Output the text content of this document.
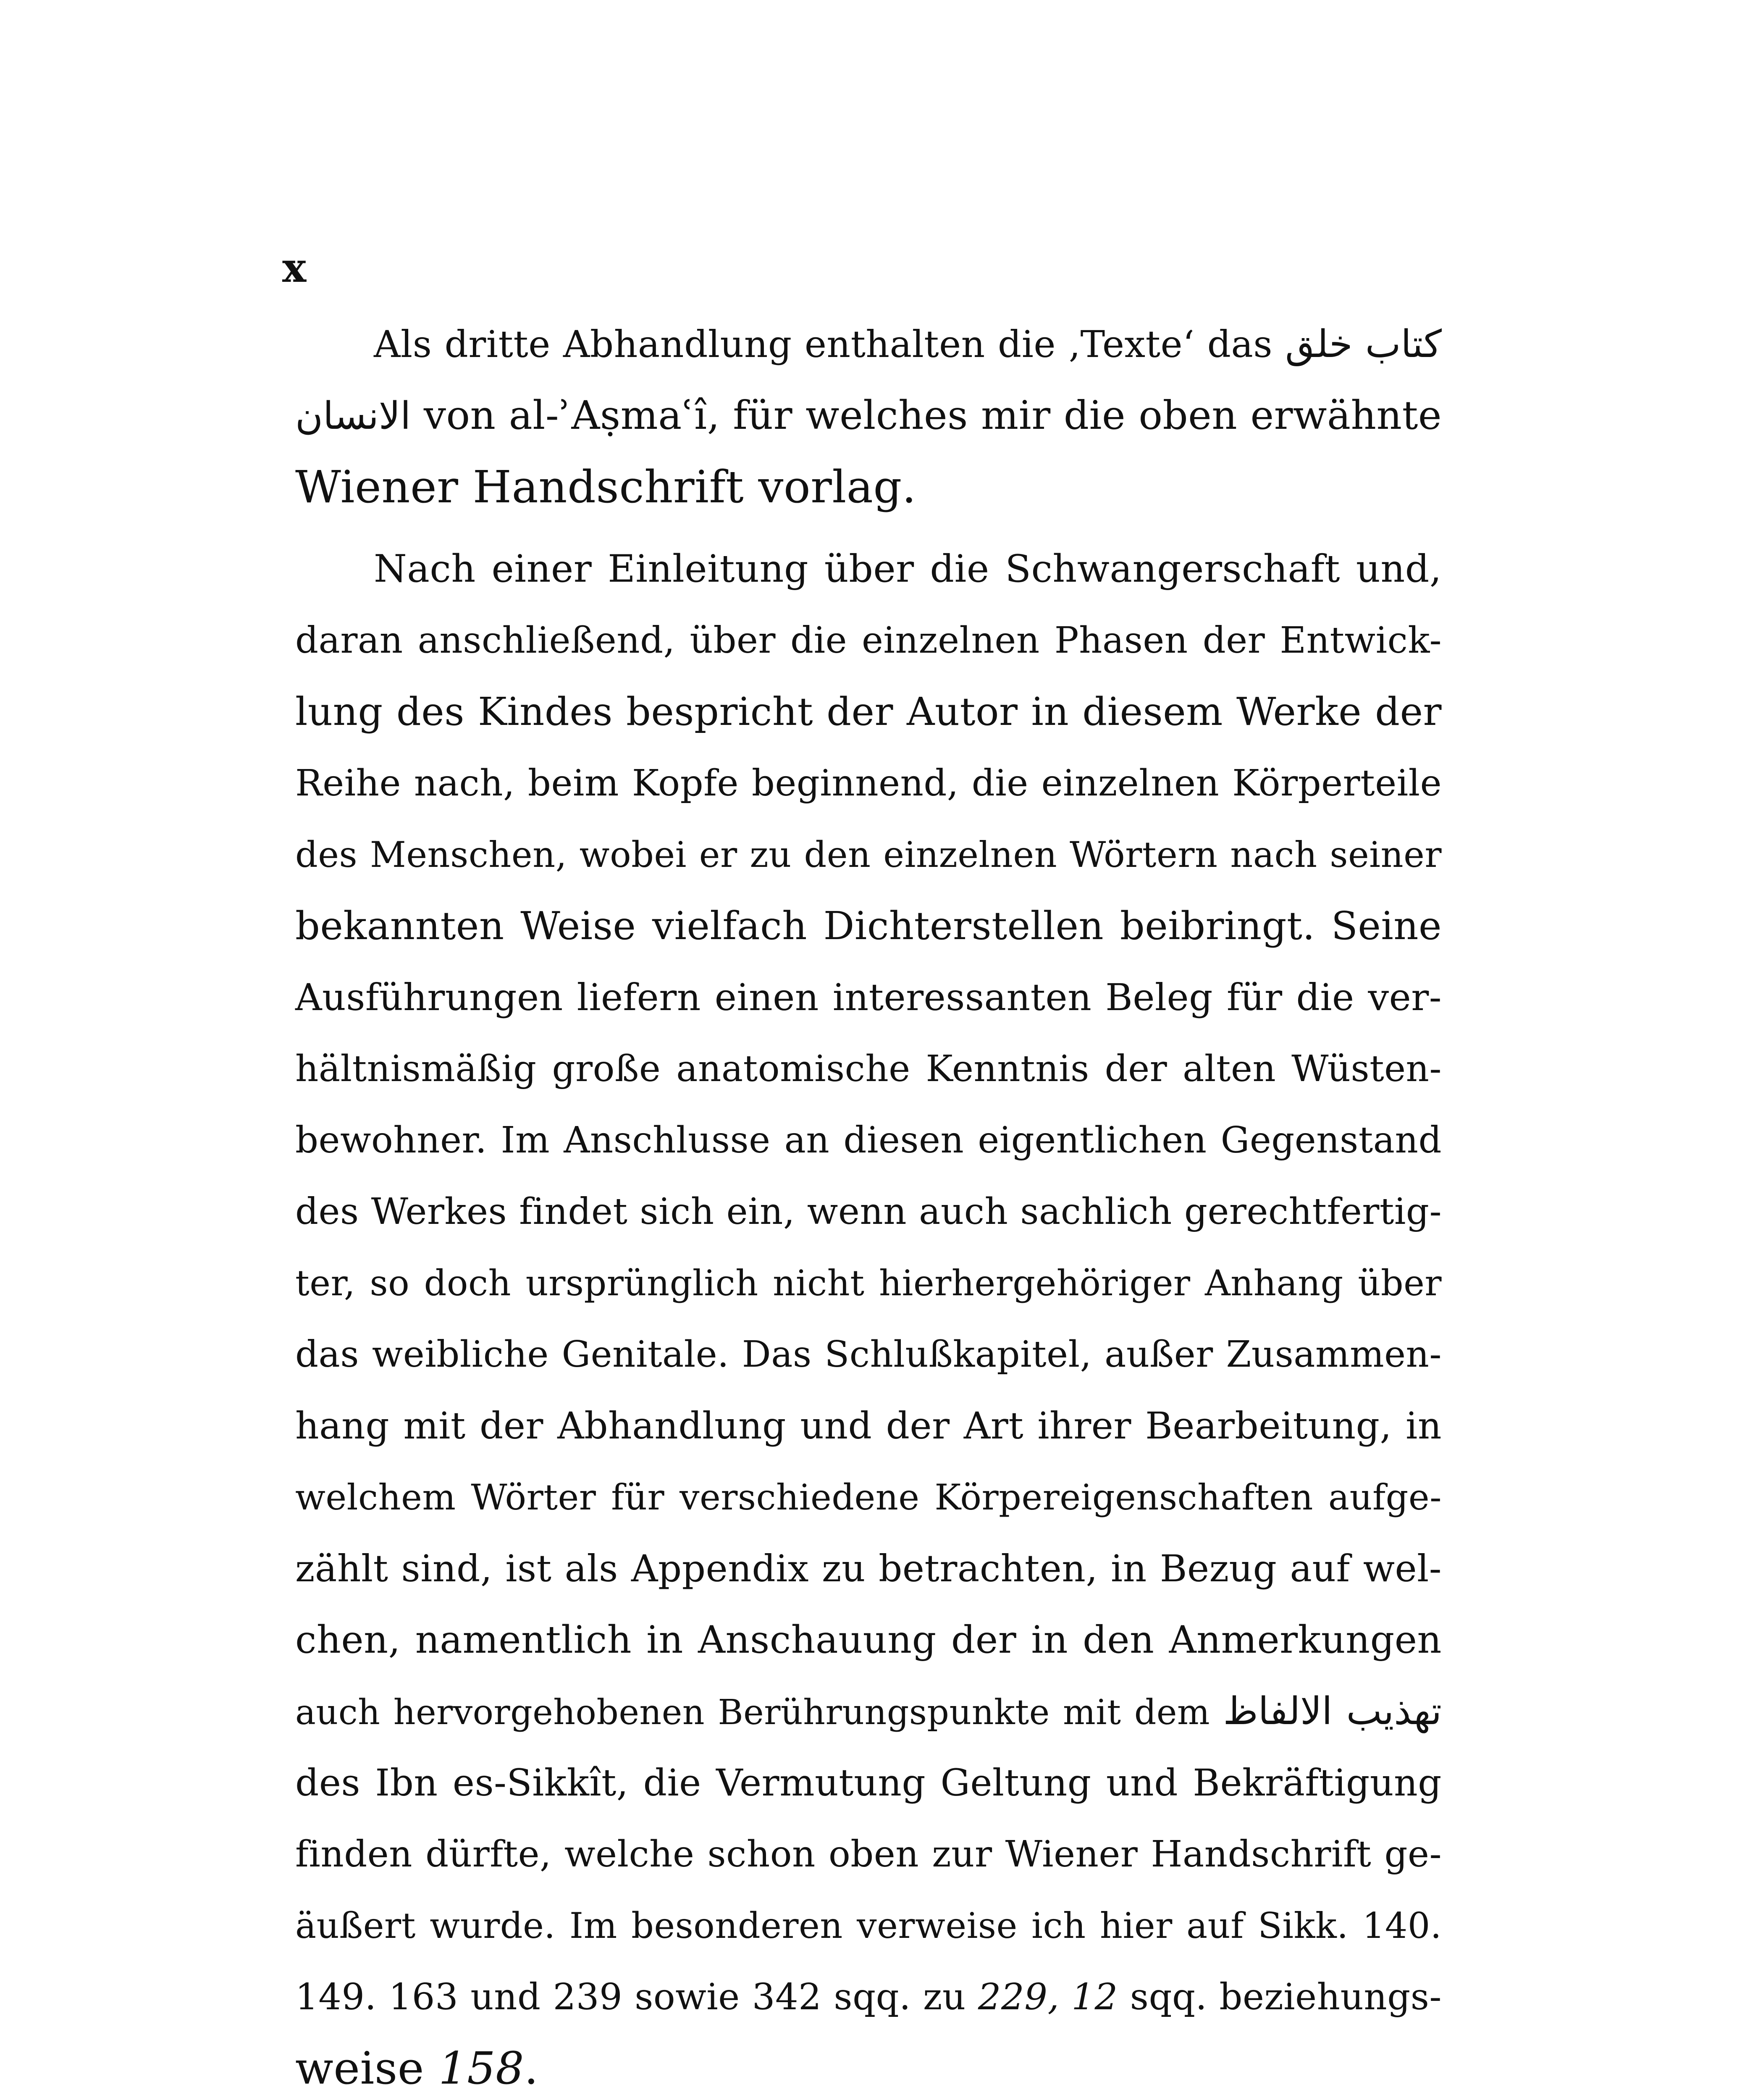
x
Als dritte Abhandlung enthalten die ‚Texte‘ das كتاب خلق
الانسان von al-ʾAṣmaʿî, für welches mir die oben erwähnte
Wiener Handschrift vorlag.
Nach einer Einleitung über die Schwangerschaft und,
daran anschließend, über die einzelnen Phasen der Entwick-
lung des Kindes bespricht der Autor in diesem Werke der
Reihe nach, beim Kopfe beginnend, die einzelnen Körperteile
des Menschen, wobei er zu den einzelnen Wörtern nach seiner
bekannten Weise vielfach Dichterstellen beibringt. Seine
Ausführungen liefern einen interessanten Beleg für die ver-
hältnismäßig große anatomische Kenntnis der alten Wüsten-
bewohner. Im Anschlusse an diesen eigentlichen Gegenstand
des Werkes findet sich ein, wenn auch sachlich gerechtfertig-
ter, so doch ursprünglich nicht hierhergehöriger Anhang über
das weibliche Genitale. Das Schlußkapitel, außer Zusammen-
hang mit der Abhandlung und der Art ihrer Bearbeitung, in
welchem Wörter für verschiedene Körpereigenschaften aufge-
zählt sind, ist als Appendix zu betrachten, in Bezug auf wel-
chen, namentlich in Anschauung der in den Anmerkungen
auch hervorgehobenen Berührungspunkte mit dem تهذيب الالفاظ
des Ibn es-Sikkît, die Vermutung Geltung und Bekräftigung
finden dürfte, welche schon oben zur Wiener Handschrift ge-
äußert wurde. Im besonderen verweise ich hier auf Sikk. 140.
149. 163 und 239 sowie 342 sqq. zu 229, 12 sqq. beziehungs-
weise 158.
